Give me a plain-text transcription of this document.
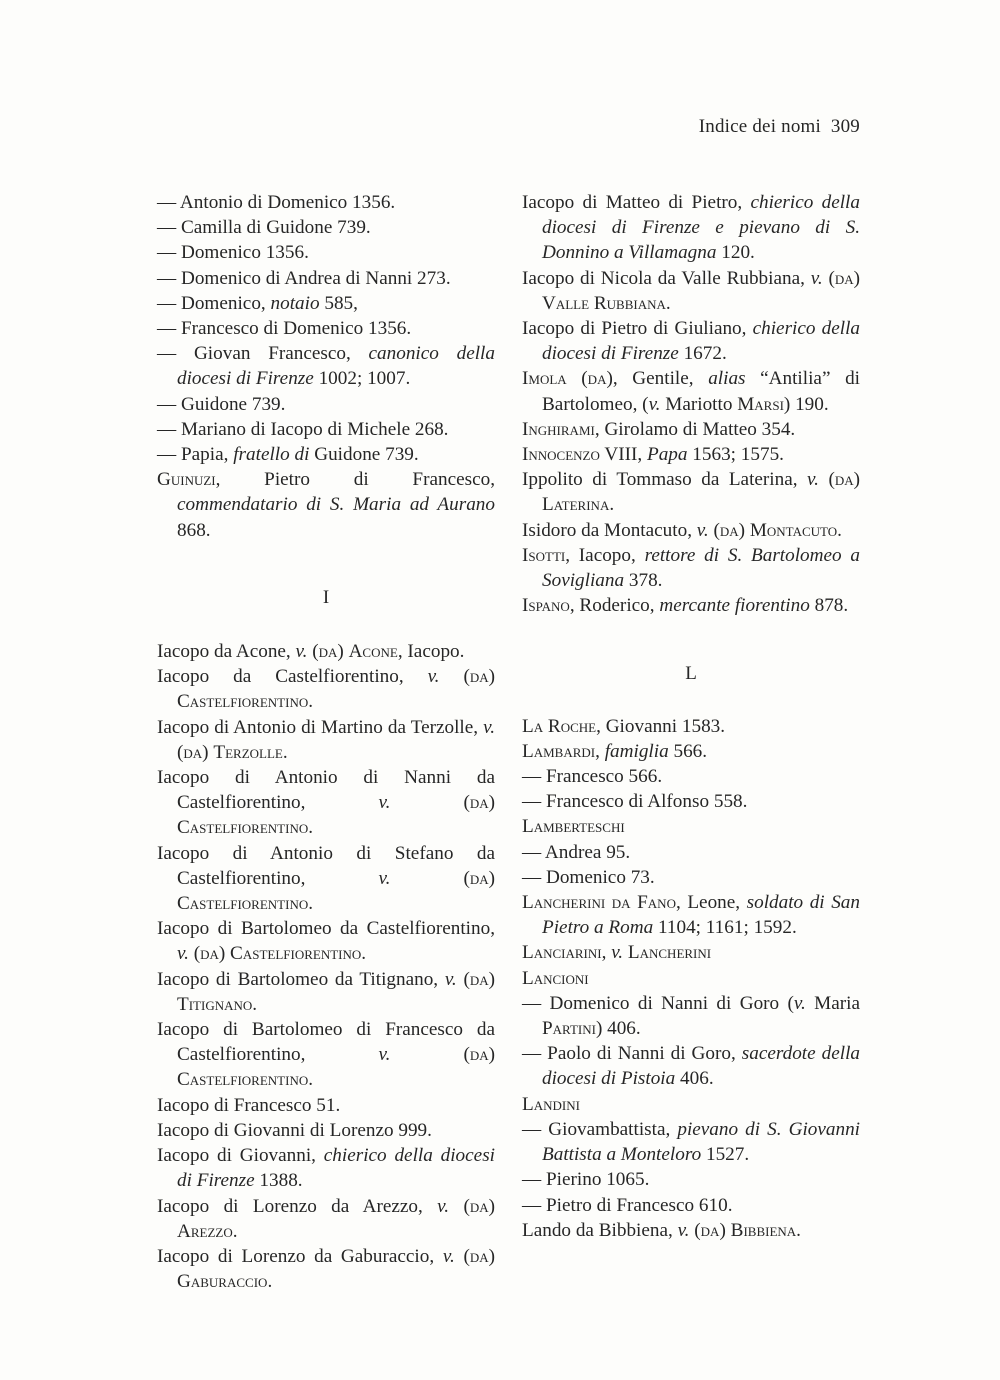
Indice dei nomi 309
— Antonio di Domenico 1356.
— Camilla di Guidone 739.
— Domenico 1356.
— Domenico di Andrea di Nanni 273.
— Domenico, notaio 585,
— Francesco di Domenico 1356.
— Giovan Francesco, canonico della diocesi di Firenze 1002; 1007.
— Guidone 739.
— Mariano di Iacopo di Michele 268.
— Papia, fratello di Guidone 739.
Guinuzi, Pietro di Francesco, commendatario di S. Maria ad Aurano 868.
I
Iacopo da Acone, v. (da) Acone, Iacopo.
Iacopo da Castelfiorentino, v. (da) Castelfiorentino.
Iacopo di Antonio di Martino da Terzolle, v. (da) Terzolle.
Iacopo di Antonio di Nanni da Castelfiorentino, v.	(da) Castelfiorentino.
Iacopo di Antonio di Stefano da Castelfiorentino, v.	(da) Castelfiorentino.
Iacopo di Bartolomeo da Castelfiorentino, v. (da) Castelfiorentino.
Iacopo di Bartolomeo da Titignano, v. (da) Titignano.
Iacopo di Bartolomeo di Francesco da Castelfiorentino, v.	(da) Castelfiorentino.
Iacopo di Francesco 51.
Iacopo di Giovanni di Lorenzo 999.
Iacopo di Giovanni, chierico della diocesi di Firenze 1388.
Iacopo di Lorenzo da Arezzo, v. (da) Arezzo.
Iacopo di Lorenzo da Gaburaccio, v. (da) Gaburaccio.
Iacopo di Matteo di Pietro, chierico della diocesi di Firenze e pievano di S. Donnino a Villamagna 120.
Iacopo di Nicola da Valle Rubbiana, v. (da) Valle Rubbiana.
Iacopo di Pietro di Giuliano, chierico della diocesi di Firenze 1672.
Imola (da), Gentile, alias “Antilia” di Bartolomeo, (v. Mariotto Marsi) 190.
Inghirami, Girolamo di Matteo 354.
Innocenzo VIII, Papa 1563; 1575.
Ippolito di Tommaso da Laterina, v. (da) Laterina.
Isidoro da Montacuto, v. (da) Montacuto.
Isotti, Iacopo, rettore di S. Bartolomeo a Sovigliana 378.
Ispano, Roderico, mercante fiorentino 878.
L
La Roche, Giovanni 1583.
Lambardi, famiglia 566.
— Francesco 566.
— Francesco di Alfonso 558.
Lamberteschi
— Andrea 95.
— Domenico 73.
Lancherini da Fano, Leone, soldato di San Pietro a Roma 1104; 1161; 1592.
Lanciarini, v. Lancherini
Lancioni
— Domenico di Nanni di Goro (v. Maria Partini) 406.
— Paolo di Nanni di Goro, sacerdote della diocesi di Pistoia 406.
Landini
— Giovambattista, pievano di S. Giovanni Battista a Monteloro 1527.
— Pierino 1065.
— Pietro di Francesco 610.
Lando da Bibbiena, v. (da) Bibbiena.
